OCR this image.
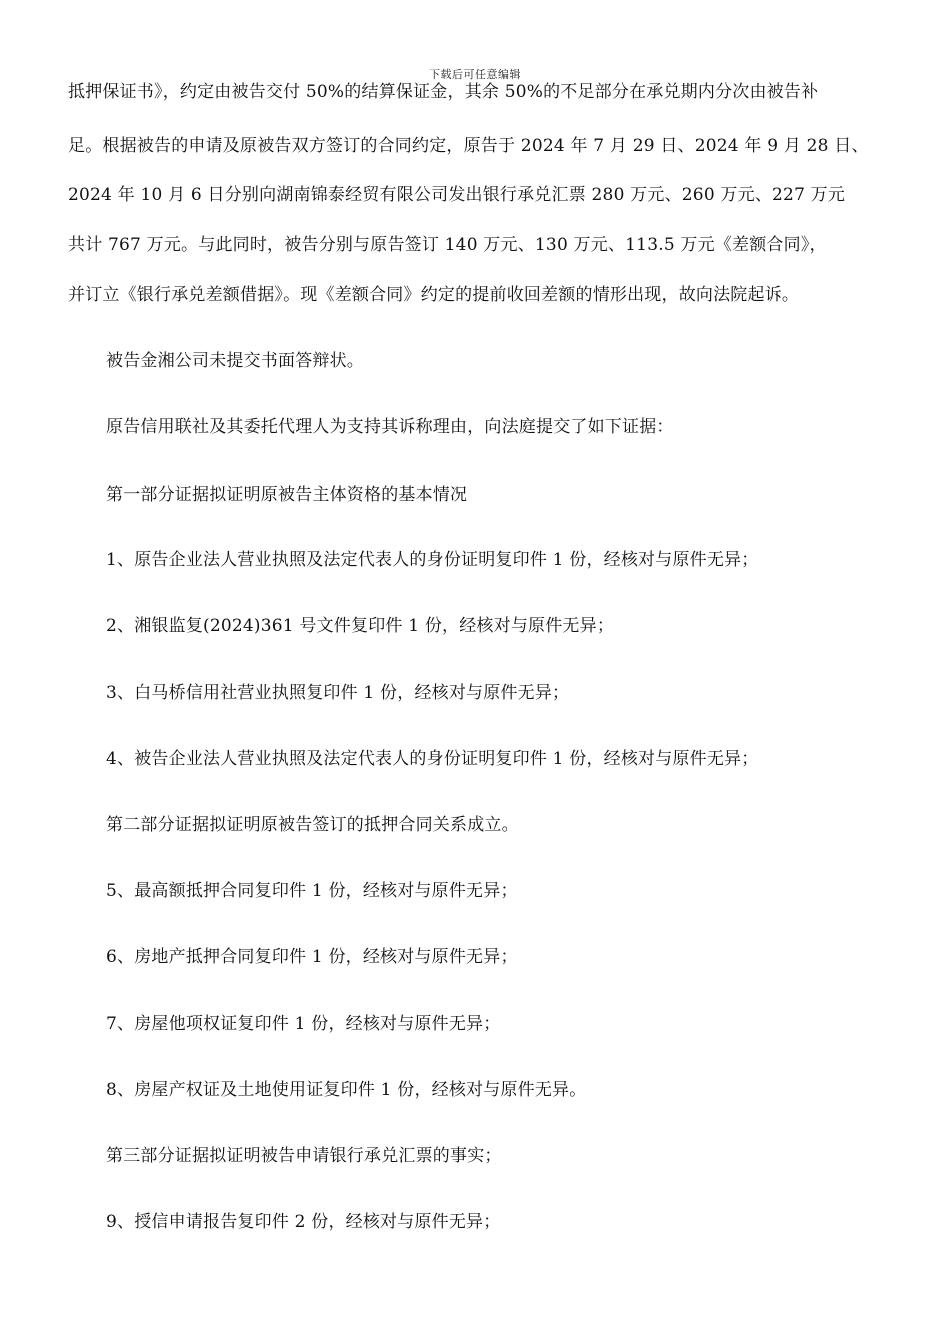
下载后可任意编辑
抵押保证书》，约定由被告交付 50%的结算保证金，其余 50%的不足部分在承兑期内分次由被告补
足。根据被告的申请及原被告双方签订的合同约定，原告于 2024 年 7 月 29 日、2024 年 9 月 28 日、
2024 年 10 月 6 日分别向湖南锦泰经贸有限公司发出银行承兑汇票 280 万元、260 万元、227 万元
共计 767 万元。与此同时，被告分别与原告签订 140 万元、130 万元、113.5 万元《差额合同》，
并订立《银行承兑差额借据》。现《差额合同》约定的提前收回差额的情形出现，故向法院起诉。
被告金湘公司未提交书面答辩状。
原告信用联社及其委托代理人为支持其诉称理由，向法庭提交了如下证据：
第一部分证据拟证明原被告主体资格的基本情况
1、原告企业法人营业执照及法定代表人的身份证明复印件 1 份，经核对与原件无异；
2、湘银监复(2024)361 号文件复印件 1 份，经核对与原件无异；
3、白马桥信用社营业执照复印件 1 份，经核对与原件无异；
4、被告企业法人营业执照及法定代表人的身份证明复印件 1 份，经核对与原件无异；
第二部分证据拟证明原被告签订的抵押合同关系成立。
5、最高额抵押合同复印件 1 份，经核对与原件无异；
6、房地产抵押合同复印件 1 份，经核对与原件无异；
7、房屋他项权证复印件 1 份，经核对与原件无异；
8、房屋产权证及土地使用证复印件 1 份，经核对与原件无异。
第三部分证据拟证明被告申请银行承兑汇票的事实；
9、授信申请报告复印件 2 份，经核对与原件无异；
